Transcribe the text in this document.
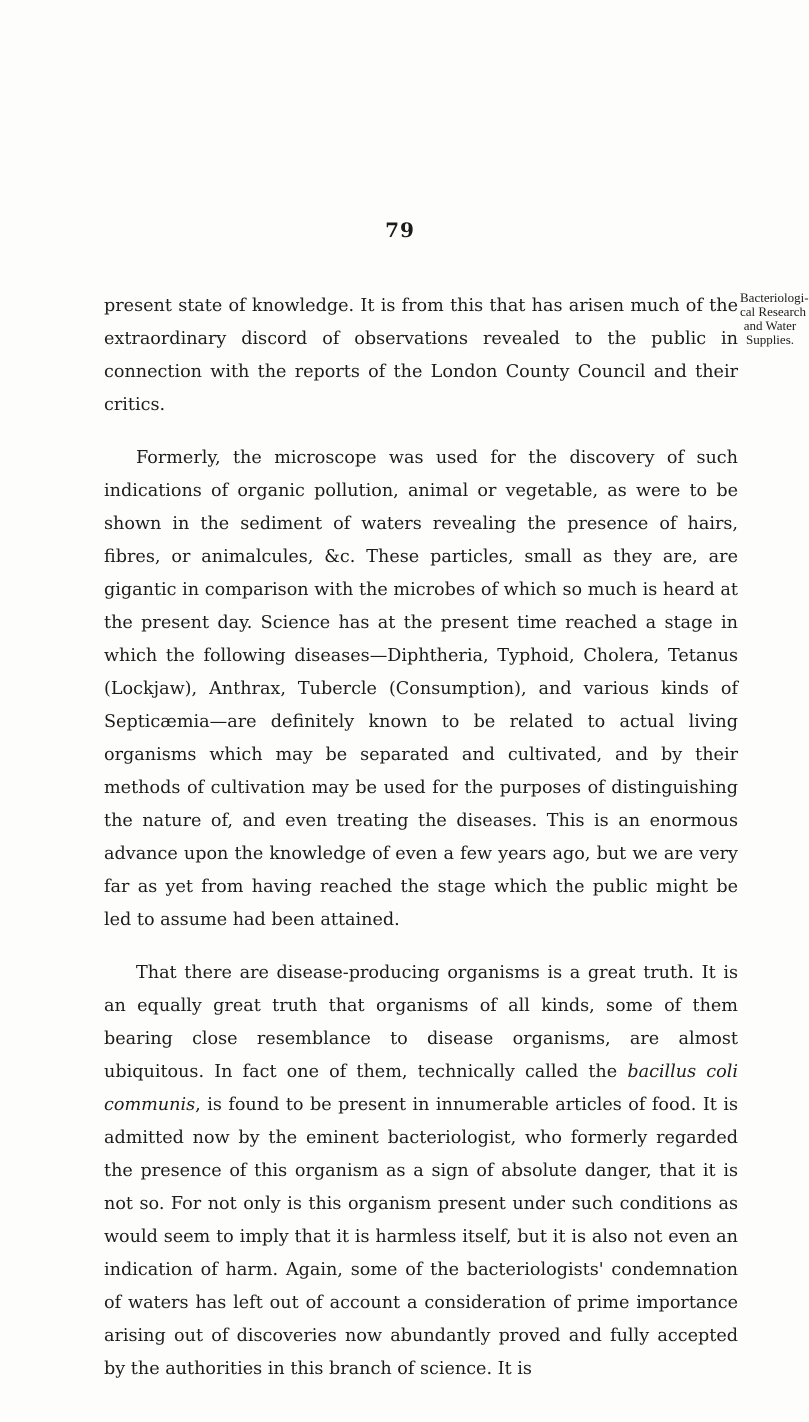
79
Bacteriologi-
cal Research
and Water
Supplies.

present state of knowledge. It is from this that has arisen much of the extraordinary discord of observations revealed to the public in connection with the reports of the London County Council and their critics.

Formerly, the microscope was used for the discovery of such indications of organic pollution, animal or vegetable, as were to be shown in the sediment of waters revealing the presence of hairs, fibres, or animalcules, &c. These particles, small as they are, are gigantic in comparison with the microbes of which so much is heard at the present day. Science has at the present time reached a stage in which the following diseases—Diphtheria, Typhoid, Cholera, Tetanus (Lockjaw), Anthrax, Tubercle (Consumption), and various kinds of Septicæmia—are definitely known to be related to actual living organisms which may be separated and cultivated, and by their methods of cultivation may be used for the purposes of distinguishing the nature of, and even treating the diseases. This is an enormous advance upon the knowledge of even a few years ago, but we are very far as yet from having reached the stage which the public might be led to assume had been attained.

That there are disease-producing organisms is a great truth. It is an equally great truth that organisms of all kinds, some of them bearing close resemblance to disease organisms, are almost ubiquitous. In fact one of them, technically called the bacillus coli communis, is found to be present in innumerable articles of food. It is admitted now by the eminent bacteriologist, who formerly regarded the presence of this organism as a sign of absolute danger, that it is not so. For not only is this organism present under such conditions as would seem to imply that it is harmless itself, but it is also not even an indication of harm. Again, some of the bacteriologists' condemnation of waters has left out of account a consideration of prime importance arising out of discoveries now abundantly proved and fully accepted by the authorities in this branch of science. It is
